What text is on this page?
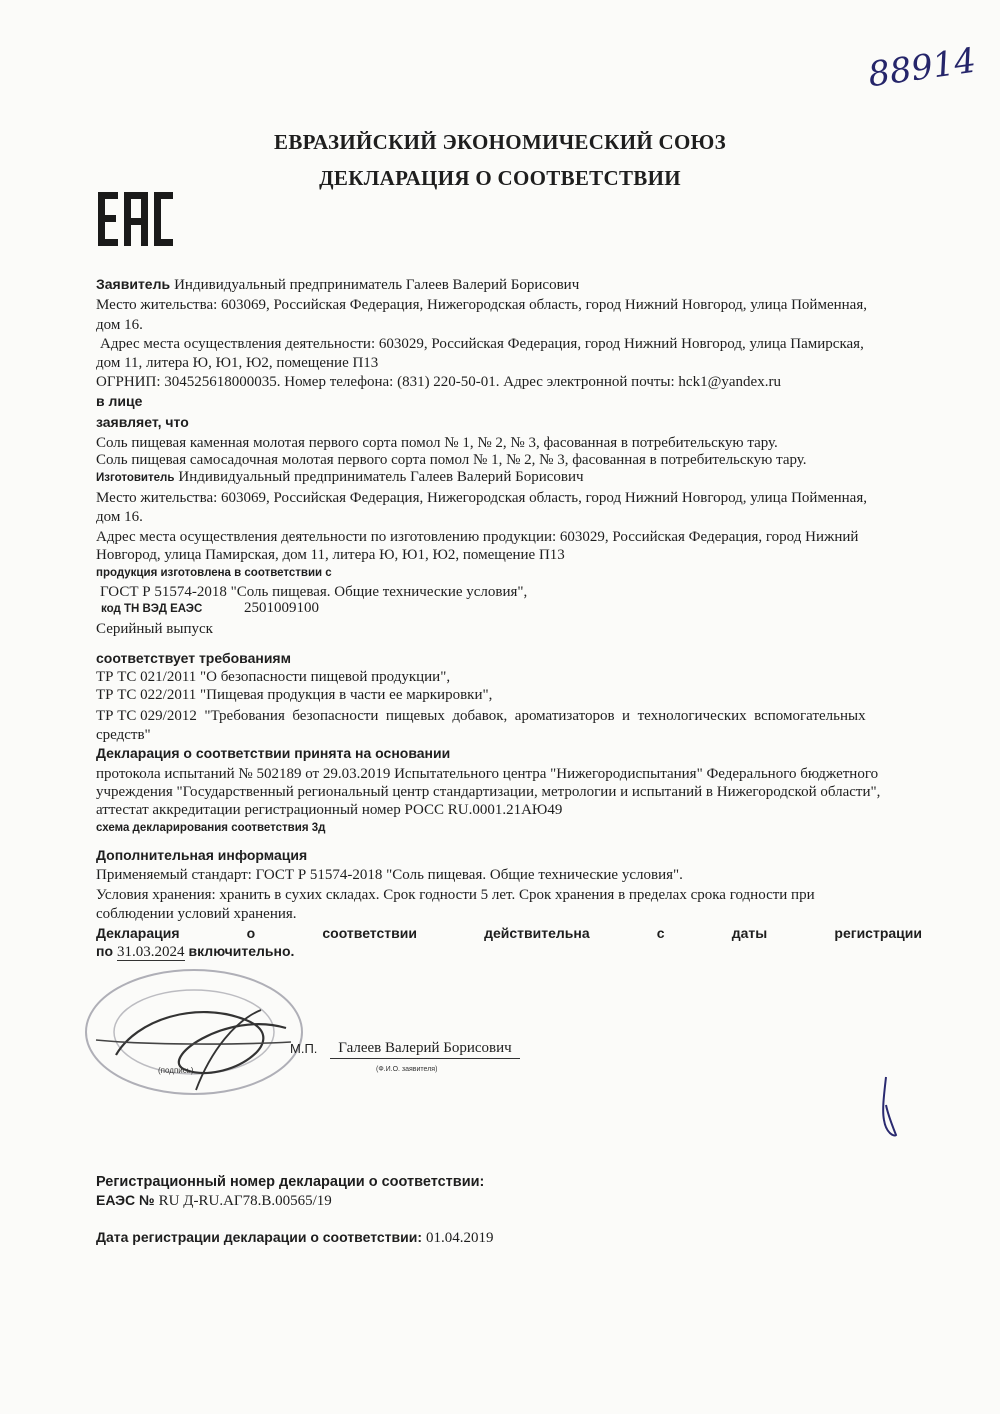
88914
ЕВРАЗИЙСКИЙ ЭКОНОМИЧЕСКИЙ СОЮЗ
ДЕКЛАРАЦИЯ О СООТВЕТСТВИИ
Заявитель Индивидуальный предприниматель Галеев Валерий Борисович
Место жительства: 603069, Российская Федерация, Нижегородская область, город Нижний Новгород, улица Пойменная,
дом 16.
Адрес места осуществления деятельности: 603029, Российская Федерация, город Нижний Новгород, улица Памирская,
дом 11, литера Ю, Ю1, Ю2, помещение П13
ОГРНИП: 304525618000035. Номер телефона: (831) 220-50-01. Адрес электронной почты: hck1@yandex.ru
в лице
заявляет, что
Соль пищевая каменная молотая первого сорта помол № 1, № 2, № 3, фасованная в потребительскую тару.
Соль пищевая самосадочная молотая первого сорта помол № 1, № 2, № 3, фасованная в потребительскую тару.
Изготовитель Индивидуальный предприниматель Галеев Валерий Борисович
Место жительства: 603069, Российская Федерация, Нижегородская область, город Нижний Новгород, улица Пойменная,
дом 16.
Адрес места осуществления деятельности по изготовлению продукции: 603029, Российская Федерация, город Нижний
Новгород, улица Памирская, дом 11, литера Ю, Ю1, Ю2, помещение П13
продукция изготовлена в соответствии с
ГОСТ Р 51574-2018 "Соль пищевая. Общие технические условия",
код ТН ВЭД ЕАЭС	2501009100
Серийный выпуск
соответствует требованиям
ТР ТС 021/2011 "О безопасности пищевой продукции",
ТР ТС 022/2011 "Пищевая продукция в части ее маркировки",
ТР ТС 029/2012  "Требования  безопасности  пищевых  добавок,  ароматизаторов  и  технологических  вспомогательных
средств"
Декларация о соответствии принята на основании
протокола испытаний № 502189 от 29.03.2019 Испытательного центра "Нижегородиспытания" Федерального бюджетного
учреждения "Государственный региональный центр стандартизации, метрологии и испытаний в Нижегородской области",
аттестат аккредитации регистрационный номер РОСС RU.0001.21АЮ49
схема декларирования соответствия 3д
Дополнительная информация
Применяемый стандарт: ГОСТ Р 51574-2018 "Соль пищевая. Общие технические условия".
Условия хранения: хранить в сухих складах. Срок годности 5 лет. Срок хранения в пределах срока годности при
соблюдении условий хранения.
Декларация	о	соответствии	действительна	с	даты	регистрации
по 31.03.2024 включительно.
(подпись)
М.П.	Галеев Валерий Борисович
(Ф.И.О. заявителя)
Регистрационный номер декларации о соответствии:
ЕАЭС № RU Д-RU.АГ78.В.00565/19
Дата регистрации декларации о соответствии: 01.04.2019
